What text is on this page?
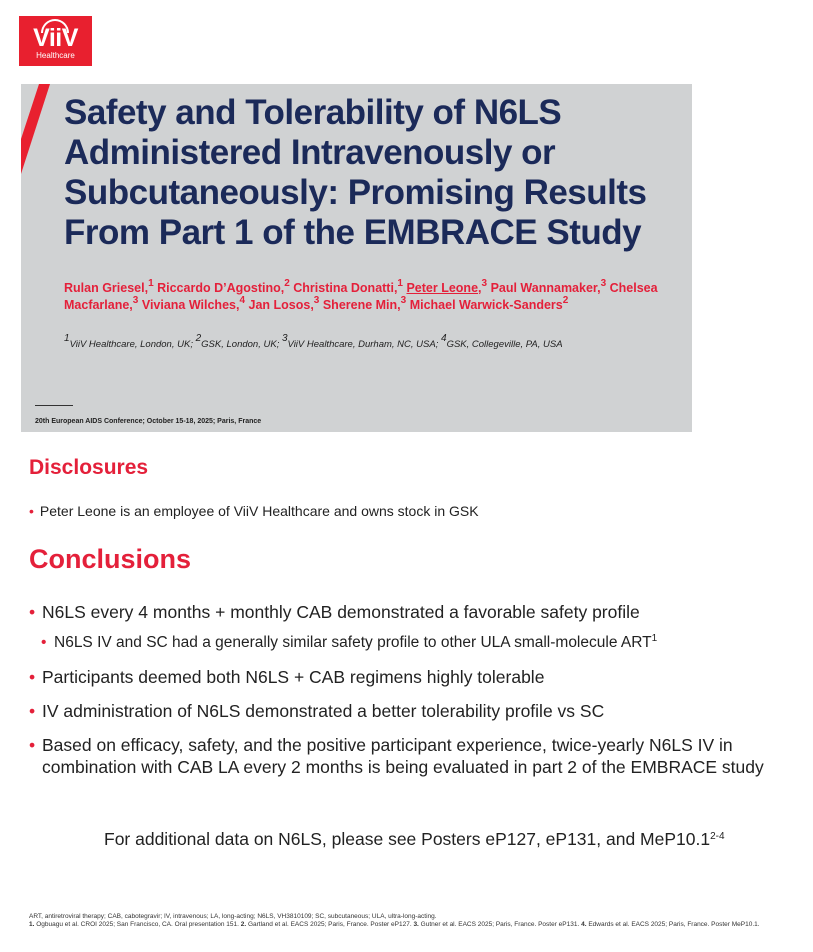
ViiV
Healthcare
Safety and Tolerability of N6LS Administered Intravenously or Subcutaneously: Promising Results From Part 1 of the EMBRACE Study

Rulan Griesel,$^1$ Riccardo D’Agostino,$^2$ Christina Donatti,$^1$ Peter Leone,$^3$ Paul Wannamaker,$^3$ Chelsea Macfarlane,$^3$ Viviana Wilches,$^4$ Jan Losos,$^3$ Sherene Min,$^3$ Michael Warwick-Sanders$^2$

$^1$ViiV Healthcare, London, UK; $^2$GSK, London, UK; $^3$ViiV Healthcare, Durham, NC, USA; $^4$GSK, Collegeville, PA, USA
20th European AIDS Conference; October 15-18, 2025; Paris, France
Disclosures
• Peter Leone is an employee of ViiV Healthcare and owns stock in GSK
Conclusions
• N6LS every 4 months + monthly CAB demonstrated a favorable safety profile
• N6LS IV and SC had a generally similar safety profile to other ULA small-molecule ART$^1$
• Participants deemed both N6LS + CAB regimens highly tolerable
• IV administration of N6LS demonstrated a better tolerability profile vs SC
• Based on efficacy, safety, and the positive participant experience, twice-yearly N6LS IV in combination with CAB LA every 2 months is being evaluated in part 2 of the EMBRACE study
For additional data on N6LS, please see Posters eP127, eP131, and MeP10.1$^{2-4}$
ART, antiretroviral therapy; CAB, cabotegravir; IV, intravenous; LA, long-acting; N6LS, VH3810109; SC, subcutaneous; ULA, ultra-long-acting.
1. Ogbuagu et al. CROI 2025; San Francisco, CA. Oral presentation 151. 2. Gartland et al. EACS 2025; Paris, France. Poster eP127. 3. Gutner et al. EACS 2025; Paris, France. Poster eP131. 4. Edwards et al. EACS 2025; Paris, France. Poster MeP10.1.
